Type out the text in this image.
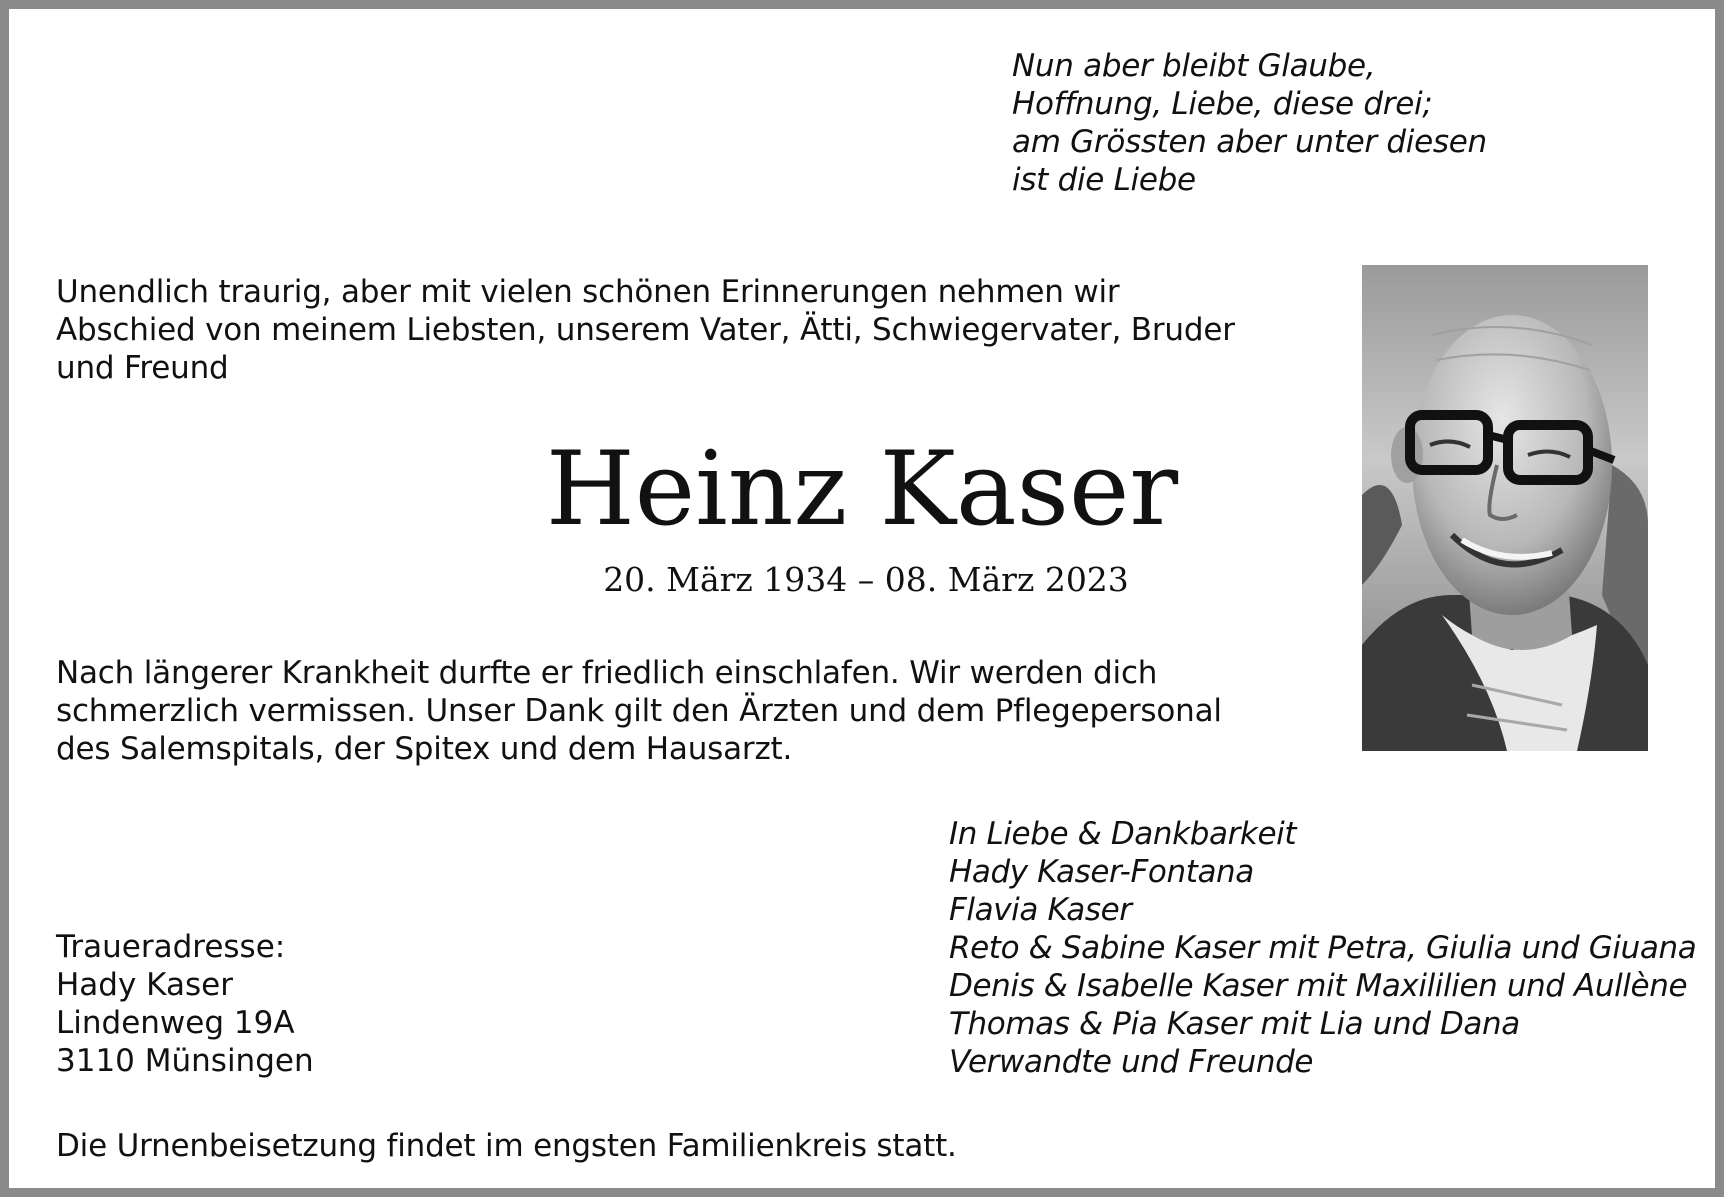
Nun aber bleibt Glaube,
Hoffnung, Liebe, diese drei;
am Grössten aber unter diesen
ist die Liebe
Unendlich traurig, aber mit vielen schönen Erinnerungen nehmen wir
Abschied von meinem Liebsten, unserem Vater, Ätti, Schwiegervater, Bruder
und Freund
Heinz Kaser
20. März 1934 – 08. März 2023
Nach längerer Krankheit durfte er friedlich einschlafen. Wir werden dich
schmerzlich vermissen. Unser Dank gilt den Ärzten und dem Pflegepersonal
des Salemspitals, der Spitex und dem Hausarzt.
In Liebe & Dankbarkeit
Hady Kaser-Fontana
Flavia Kaser
Reto & Sabine Kaser mit Petra, Giulia und Giuana
Denis & Isabelle Kaser mit Maxililien und Aullène
Thomas & Pia Kaser mit Lia und Dana
Verwandte und Freunde
Traueradresse:
Hady Kaser
Lindenweg 19A
3110 Münsingen
Die Urnenbeisetzung findet im engsten Familienkreis statt.
